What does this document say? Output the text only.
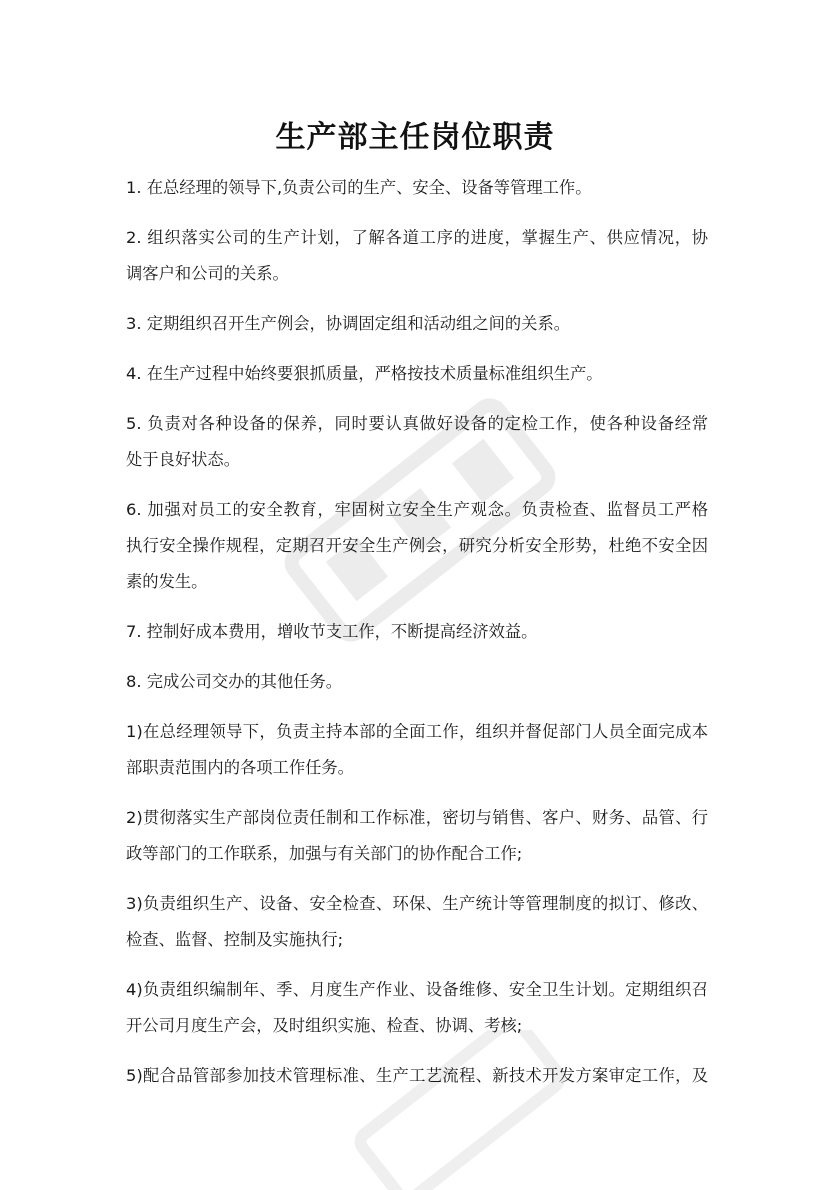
生产部主任岗位职责
1. 在总经理的领导下,负责公司的生产、安全、设备等管理工作。
2. 组织落实公司的生产计划，了解各道工序的进度，掌握生产、供应情况，协
调客户和公司的关系。
3. 定期组织召开生产例会，协调固定组和活动组之间的关系。
4. 在生产过程中始终要狠抓质量，严格按技术质量标准组织生产。
5. 负责对各种设备的保养，同时要认真做好设备的定检工作，使各种设备经常
处于良好状态。
6. 加强对员工的安全教育，牢固树立安全生产观念。负责检查、监督员工严格
执行安全操作规程，定期召开安全生产例会，研究分析安全形势，杜绝不安全因
素的发生。
7. 控制好成本费用，增收节支工作，不断提高经济效益。
8. 完成公司交办的其他任务。
1)在总经理领导下，负责主持本部的全面工作，组织并督促部门人员全面完成本
部职责范围内的各项工作任务。
2)贯彻落实生产部岗位责任制和工作标准，密切与销售、客户、财务、品管、行
政等部门的工作联系，加强与有关部门的协作配合工作;
3)负责组织生产、设备、安全检查、环保、生产统计等管理制度的拟订、修改、
检查、监督、控制及实施执行;
4)负责组织编制年、季、月度生产作业、设备维修、安全卫生计划。定期组织召
开公司月度生产会，及时组织实施、检查、协调、考核;
5)配合品管部参加技术管理标准、生产工艺流程、新技术开发方案审定工作，及
